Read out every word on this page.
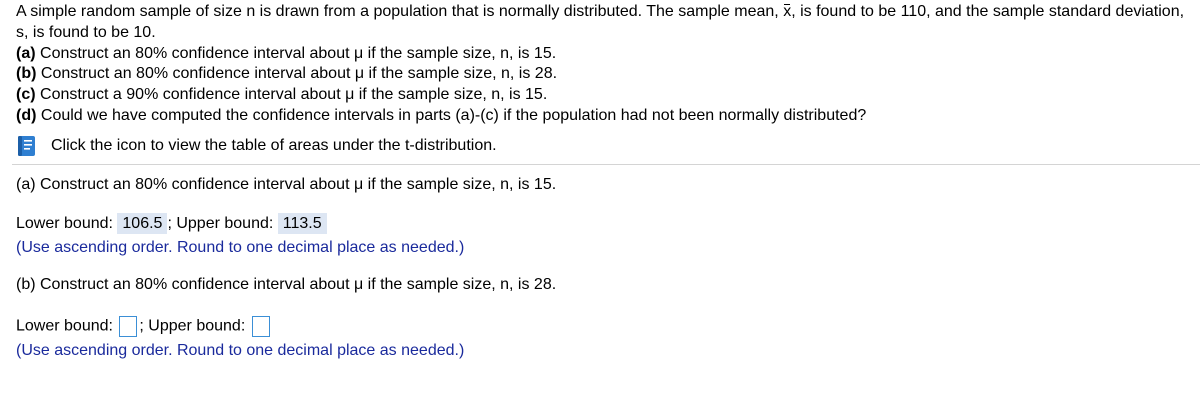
A simple random sample of size n is drawn from a population that is normally distributed. The sample mean, x, is found to be 110, and the sample standard deviation, s, is found to be 10.
(a) Construct an 80% confidence interval about μ if the sample size, n, is 15.
(b) Construct an 80% confidence interval about μ if the sample size, n, is 28.
(c) Construct a 90% confidence interval about μ if the sample size, n, is 15.
(d) Could we have computed the confidence intervals in parts (a)-(c) if the population had not been normally distributed?
Click the icon to view the table of areas under the t-distribution.
(a) Construct an 80% confidence interval about μ if the sample size, n, is 15.
Lower bound: 106.5 ; Upper bound: 113.5
(Use ascending order. Round to one decimal place as needed.)
(b) Construct an 80% confidence interval about μ if the sample size, n, is 28.
Lower bound: ; Upper bound:
(Use ascending order. Round to one decimal place as needed.)
